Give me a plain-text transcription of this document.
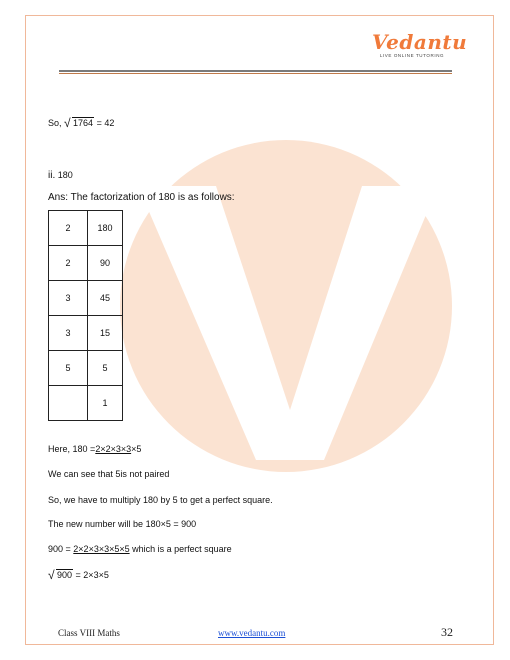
Vedantu
LIVE ONLINE TUTORING
So, √ 1764 = 42
ii. 180
Ans: The factorization of 180 is as follows:
2	180
2	90
3	45
3	15
5	5
	1
Here, 180 =2×2×3×3×5
We can see that 5is not paired
So, we have to multiply 180 by 5 to get a perfect square.
The new number will be 180×5 = 900
900 = 2×2×3×3×5×5 which is a perfect square
√ 900 = 2×3×5
Class VIII Maths	www.vedantu.com	32
